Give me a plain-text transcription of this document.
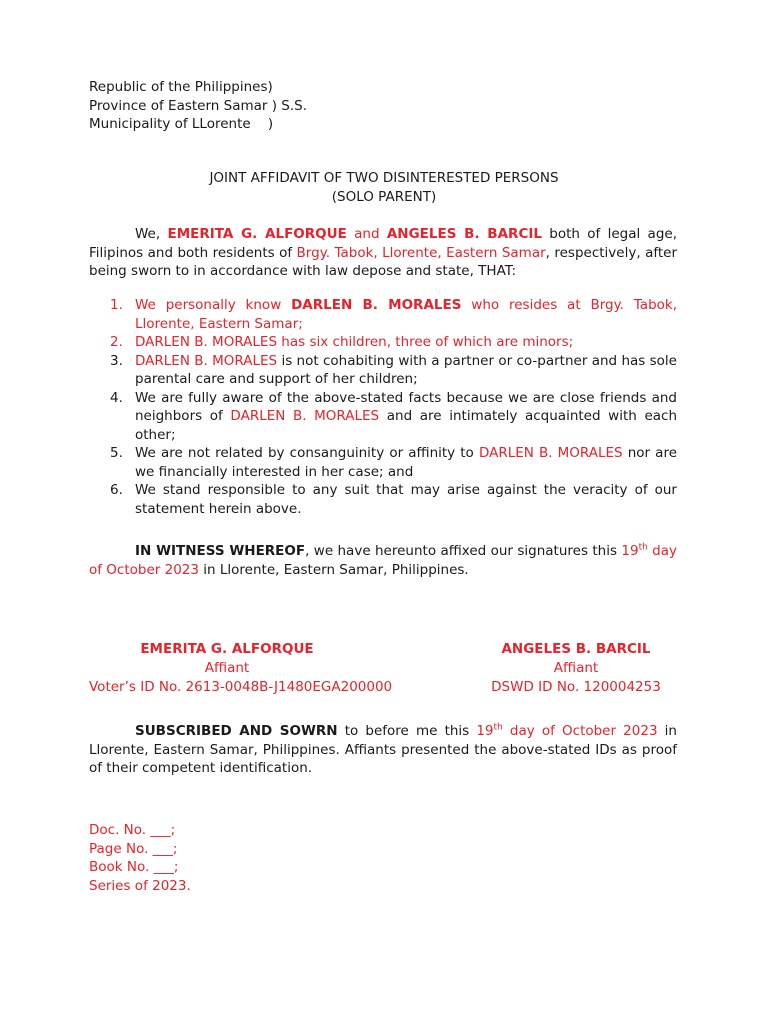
Republic of the Philippines)
Province of Eastern Samar ) S.S.
Municipality of LLorente    )
JOINT AFFIDAVIT OF TWO DISINTERESTED PERSONS
(SOLO PARENT)

We, EMERITA G. ALFORQUE and ANGELES B. BARCIL both of legal age, Filipinos and both residents of Brgy. Tabok, Llorente, Eastern Samar, respectively, after being sworn to in accordance with law depose and state, THAT:

1. We personally know DARLEN B. MORALES who resides at Brgy. Tabok, Llorente, Eastern Samar;
2. DARLEN B. MORALES has six children, three of which are minors;
3. DARLEN B. MORALES is not cohabiting with a partner or co-partner and has sole parental care and support of her children;
4. We are fully aware of the above-stated facts because we are close friends and neighbors of DARLEN B. MORALES and are intimately acquainted with each other;
5. We are not related by consanguinity or affinity to DARLEN B. MORALES nor are we financially interested in her case; and
6. We stand responsible to any suit that may arise against the veracity of our statement herein above.

IN WITNESS WHEREOF, we have hereunto affixed our signatures this 19th day of October 2023 in Llorente, Eastern Samar, Philippines.

EMERITA G. ALFORQUE
Affiant
Voter’s ID No. 2613-0048B-J1480EGA200000
ANGELES B. BARCIL
Affiant
DSWD ID No. 120004253

SUBSCRIBED AND SOWRN to before me this 19th day of October 2023 in Llorente, Eastern Samar, Philippines. Affiants presented the above-stated IDs as proof of their competent identification.

Doc. No. ___;
Page No. ___;
Book No. ___;
Series of 2023.
